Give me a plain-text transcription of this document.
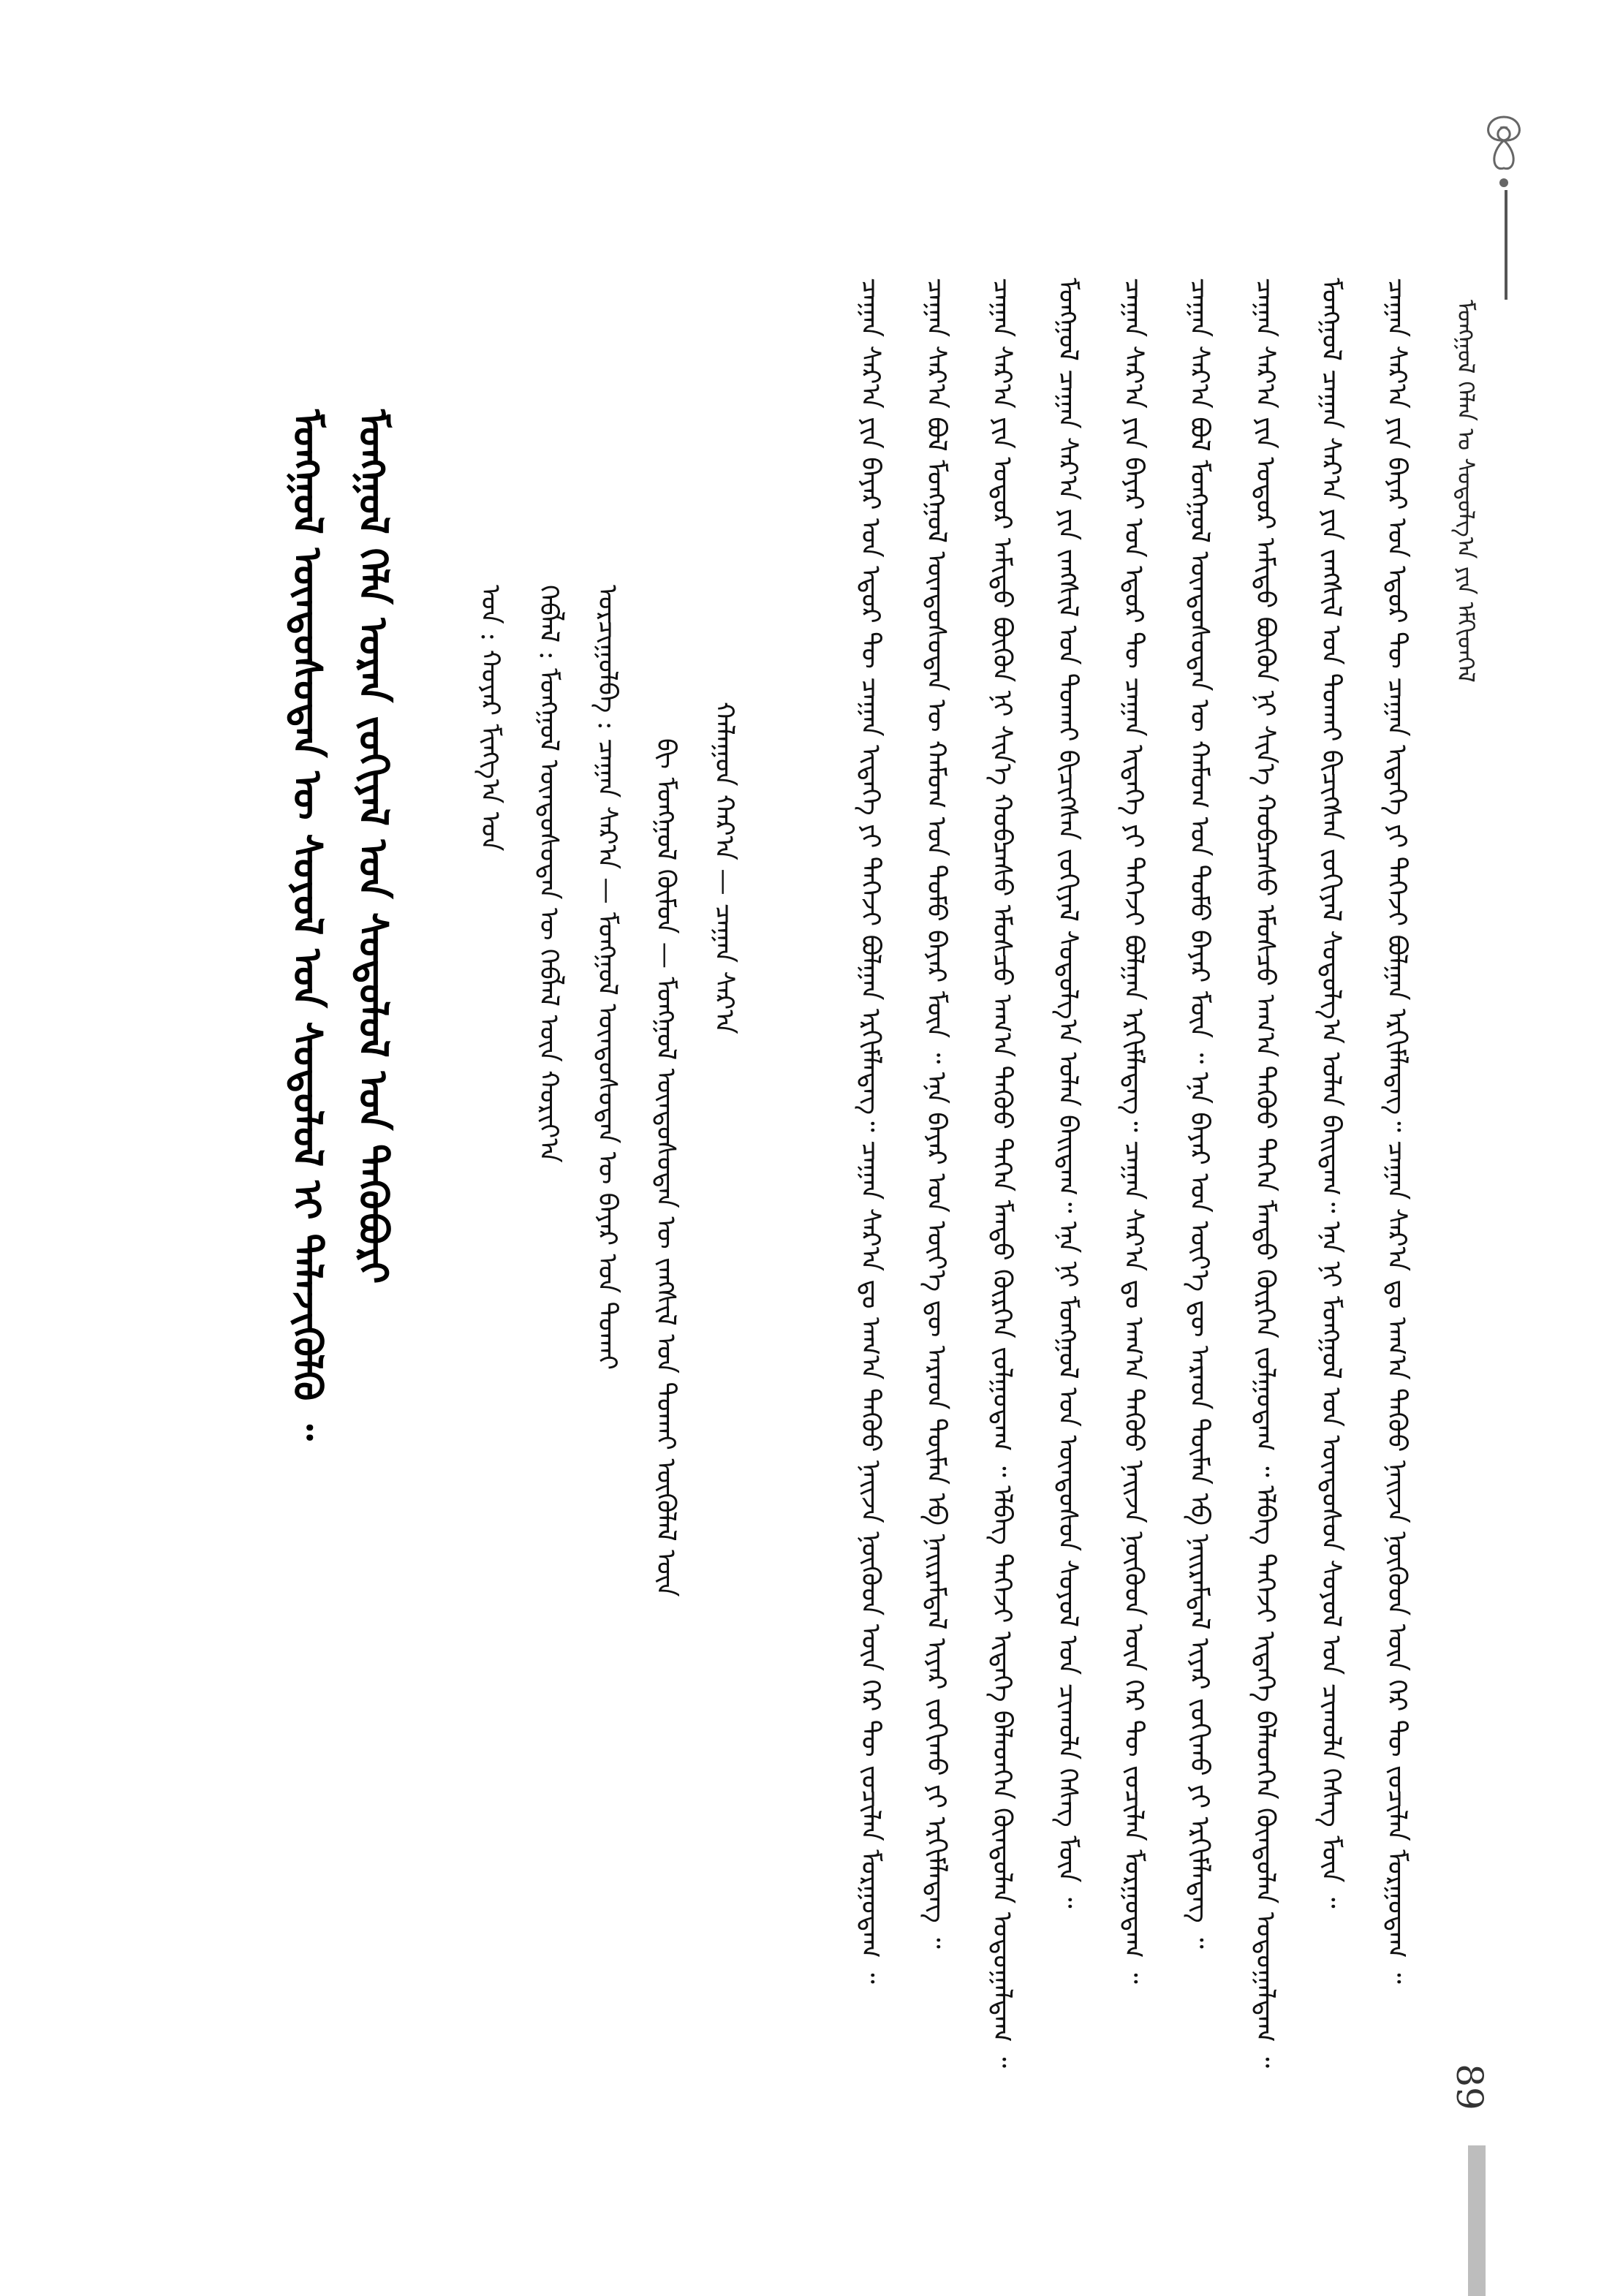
ᠮᠣᠩᠭᠣᠯ ᠬᠡᠯᠡᠨ ᠤ ᠰᠤᠳᠤᠯᠭ᠎ᠠ ᠶᠢᠨ ᠡᠮᠬᠢᠳᠬᠡᠯ
ᠴᠠᠭᠠᠨ ᠰᠠᠷ᠎ᠠ ᠶᠢᠨ ᠪᠠᠶᠠᠷ ᠤᠨ ᠡᠳᠦᠷ ᠲᠦ ᠴᠠᠭᠠᠨ ᠢᠳᠡᠭᠡ ᠶᠢ ᠳᠡᠭᠡᠵᠢ ᠪᠣᠯᠭᠠᠨ ᠡᠷᠬᠢᠮᠯᠡᠳᠡᠭ᠃ ᠴᠠᠭᠠᠨ ᠰᠠᠷ᠎ᠠ ᠳᠤ ᠠᠬ᠎ᠠ ᠳᠡᠭᠦᠦ ᠨᠠᠢᠵᠠ ᠨᠥᠬᠦᠳ ᠦᠨ ᠭᠡᠷ ᠲᠦ ᠵᠣᠴᠢᠯᠠᠨ ᠮᠣᠷᠭᠣᠳᠠᠭ ᠃
ᠮᠣᠩᠭᠣᠯ ᠴᠠᠭᠠᠨ ᠰᠠᠷ᠎ᠠ ᠶᠢᠨ ᠵᠠᠩᠱᠢᠯ ᠤᠨ ᠲᠤᠬᠠᠢ ᠪᠢᠴᠢᠭᠰᠡᠨ ᠵᠣᠬᠢᠶᠠᠯ ᠰᠣᠳᠤᠯᠭ᠎ᠠ ᠣᠯᠠᠨ ᠪᠠᠢᠳᠠᠭ᠃ ᠡᠨᠡ ᠨᠢ ᠮᠣᠩᠭᠣᠯ ᠤᠨ ᠦᠨᠳᠦᠰᠦᠨ ᠰᠣᠶᠣᠯ ᠤᠨ ᠴᠢᠬᠤᠯᠠ ᠬᠡᠰᠡᠭ ᠮᠥᠨ ᠃
ᠴᠠᠭᠠᠨ ᠰᠠᠷ᠎ᠠ ᠶᠢᠨ ᠤᠳᠤᠷ ᠠᠮᠢᠳᠤ ᠪᠦᠬᠦᠨ ᠨᠢ ᠰᠢᠨ᠎ᠡ ᠬᠤᠪᠴᠠᠰᠤ ᠡᠮᠦᠰᠴᠦ ᠠᠬ᠎ᠠ ᠳᠡᠭᠦᠦ ᠳᠡᠭᠡᠨ ᠮᠡᠨᠳᠦ ᠬᠦᠷᠭᠡᠨ ᠵᠣᠯᠭᠣᠳᠠᠭ ᠃ ᠡᠯᠪᠡᠭ ᠳᠡᠭᠡᠵᠢ ᠢᠳᠡᠭᠡ ᠪᠡᠯᠡᠳᠬᠡᠨ ᠬᠦᠨᠳᠦᠯᠡᠨ ᠤᠳᠤᠭᠠᠯᠳᠠᠭ ᠃
ᠴᠠᠭᠠᠨ ᠰᠠᠷ᠎ᠠ ᠪᠣᠯ ᠮᠣᠩᠭᠣᠯ ᠦᠨᠳᠦᠰᠦᠲᠡᠨ ᠦ ᠬᠠᠮᠤᠭ ᠤᠨ ᠲᠣᠮᠣ ᠪᠠᠶᠠᠷ ᠮᠥᠨ ᠃ ᠡᠨᠡ ᠪᠠᠶᠠᠷ ᠤᠨ ᠦᠶ᠎ᠡ ᠳᠦ ᠠᠷᠠᠳ ᠲᠦᠮᠡᠨ ᠡᠪ ᠨᠠᠢᠷᠠᠮᠳᠠᠯ ᠢᠶᠠᠷ ᠵᠣᠬᠢᠬᠤ ᠶᠢ ᠡᠷᠬᠢᠮᠯᠡᠳᠡᠭ ᠃
ᠴᠠᠭᠠᠨ ᠰᠠᠷ᠎ᠠ ᠶᠢᠨ ᠪᠠᠶᠠᠷ ᠤᠨ ᠡᠳᠦᠷ ᠲᠦ ᠴᠠᠭᠠᠨ ᠢᠳᠡᠭᠡ ᠶᠢ ᠳᠡᠭᠡᠵᠢ ᠪᠣᠯᠭᠠᠨ ᠡᠷᠬᠢᠮᠯᠡᠳᠡᠭ᠃ ᠴᠠᠭᠠᠨ ᠰᠠᠷ᠎ᠠ ᠳᠤ ᠠᠬ᠎ᠠ ᠳᠡᠭᠦᠦ ᠨᠠᠢᠵᠠ ᠨᠥᠬᠦᠳ ᠦᠨ ᠭᠡᠷ ᠲᠦ ᠵᠣᠴᠢᠯᠠᠨ ᠮᠣᠷᠭᠣᠳᠠᠭ ᠃
ᠮᠣᠩᠭᠣᠯ ᠴᠠᠭᠠᠨ ᠰᠠᠷ᠎ᠠ ᠶᠢᠨ ᠵᠠᠩᠱᠢᠯ ᠤᠨ ᠲᠤᠬᠠᠢ ᠪᠢᠴᠢᠭᠰᠡᠨ ᠵᠣᠬᠢᠶᠠᠯ ᠰᠣᠳᠤᠯᠭ᠎ᠠ ᠣᠯᠠᠨ ᠪᠠᠢᠳᠠᠭ᠃ ᠡᠨᠡ ᠨᠢ ᠮᠣᠩᠭᠣᠯ ᠤᠨ ᠦᠨᠳᠦᠰᠦᠨ ᠰᠣᠶᠣᠯ ᠤᠨ ᠴᠢᠬᠤᠯᠠ ᠬᠡᠰᠡᠭ ᠮᠥᠨ ᠃
ᠴᠠᠭᠠᠨ ᠰᠠᠷ᠎ᠠ ᠶᠢᠨ ᠤᠳᠤᠷ ᠠᠮᠢᠳᠤ ᠪᠦᠬᠦᠨ ᠨᠢ ᠰᠢᠨ᠎ᠡ ᠬᠤᠪᠴᠠᠰᠤ ᠡᠮᠦᠰᠴᠦ ᠠᠬ᠎ᠠ ᠳᠡᠭᠦᠦ ᠳᠡᠭᠡᠨ ᠮᠡᠨᠳᠦ ᠬᠦᠷᠭᠡᠨ ᠵᠣᠯᠭᠣᠳᠠᠭ ᠃ ᠡᠯᠪᠡᠭ ᠳᠡᠭᠡᠵᠢ ᠢᠳᠡᠭᠡ ᠪᠡᠯᠡᠳᠬᠡᠨ ᠬᠦᠨᠳᠦᠯᠡᠨ ᠤᠳᠤᠭᠠᠯᠳᠠᠭ ᠃
ᠴᠠᠭᠠᠨ ᠰᠠᠷ᠎ᠠ ᠪᠣᠯ ᠮᠣᠩᠭᠣᠯ ᠦᠨᠳᠦᠰᠦᠲᠡᠨ ᠦ ᠬᠠᠮᠤᠭ ᠤᠨ ᠲᠣᠮᠣ ᠪᠠᠶᠠᠷ ᠮᠥᠨ ᠃ ᠡᠨᠡ ᠪᠠᠶᠠᠷ ᠤᠨ ᠦᠶ᠎ᠡ ᠳᠦ ᠠᠷᠠᠳ ᠲᠦᠮᠡᠨ ᠡᠪ ᠨᠠᠢᠷᠠᠮᠳᠠᠯ ᠢᠶᠠᠷ ᠵᠣᠬᠢᠬᠤ ᠶᠢ ᠡᠷᠬᠢᠮᠯᠡᠳᠡᠭ ᠃
ᠴᠠᠭᠠᠨ ᠰᠠᠷ᠎ᠠ ᠶᠢᠨ ᠪᠠᠶᠠᠷ ᠤᠨ ᠡᠳᠦᠷ ᠲᠦ ᠴᠠᠭᠠᠨ ᠢᠳᠡᠭᠡ ᠶᠢ ᠳᠡᠭᠡᠵᠢ ᠪᠣᠯᠭᠠᠨ ᠡᠷᠬᠢᠮᠯᠡᠳᠡᠭ᠃ ᠴᠠᠭᠠᠨ ᠰᠠᠷ᠎ᠠ ᠳᠤ ᠠᠬ᠎ᠠ ᠳᠡᠭᠦᠦ ᠨᠠᠢᠵᠠ ᠨᠥᠬᠦᠳ ᠦᠨ ᠭᠡᠷ ᠲᠦ ᠵᠣᠴᠢᠯᠠᠨ ᠮᠣᠷᠭᠣᠳᠠᠭ ᠃
ᠬᠠᠯᠠᠭᠤᠨ ᠬᠠᠷ᠎ᠠ — ᠴᠠᠭᠠᠨ ᠰᠠᠷ᠎ᠠ
ᠪᠢ ᠮᠣᠩᠭᠣᠯ ᠬᠦᠮᠦᠨ — ᠮᠣᠩᠭᠣᠯ ᠦᠨᠳᠦᠰᠦᠲᠡᠨ ᠦ ᠵᠠᠩᠱᠢᠯ ᠤᠨ ᠲᠤᠬᠠᠢ ᠦᠭᠦᠯᠡᠯ ᠦᠨ
ᠣᠷᠴᠢᠭᠤᠯᠪᠠ : ᠴᠠᠭᠠᠨ ᠰᠠᠷ᠎ᠠ — ᠮᠣᠩᠭᠣᠯ ᠦᠨᠳᠦᠰᠦᠲᠡᠨ ᠦ ᠪᠠᠶᠠᠷ ᠤᠨ ᠲᠤᠬᠠᠢ
ᠬᠡᠪᠯᠡᠯ : ᠮᠣᠩᠭᠣᠯ ᠦᠨᠳᠦᠰᠦᠲᠡᠨ ᠦ ᠬᠡᠪᠯᠡᠯ ᠦᠨ ᠬᠣᠷᠢᠶ᠎ᠠ
ᠣᠨ : ᠬᠣᠶᠠᠷ ᠮᠢᠩᠭ᠎ᠠ ᠣᠨ
ᠮᠣᠩᠭᠣᠯ ᠦᠨᠳᠦᠰᠦᠲᠡᠨ ᠦ ᠰᠣᠶᠣᠯ ᠤᠨ ᠰᠣᠳᠤᠯᠤᠯ ᠢ ᠲᠡᠯᠡᠵᠢᠭᠦᠯᠬᠦ ᠃ ᠮᠣᠩᠭᠣᠯ ᠬᠡᠯᠡ ᠤᠷᠠᠨ ᠵᠣᠬᠢᠶᠠᠯ ᠤᠨ ᠰᠣᠳᠤᠯᠤᠯ ᠤᠨ ᠲᠡᠭᠦᠪᠦᠷᠢ
89
